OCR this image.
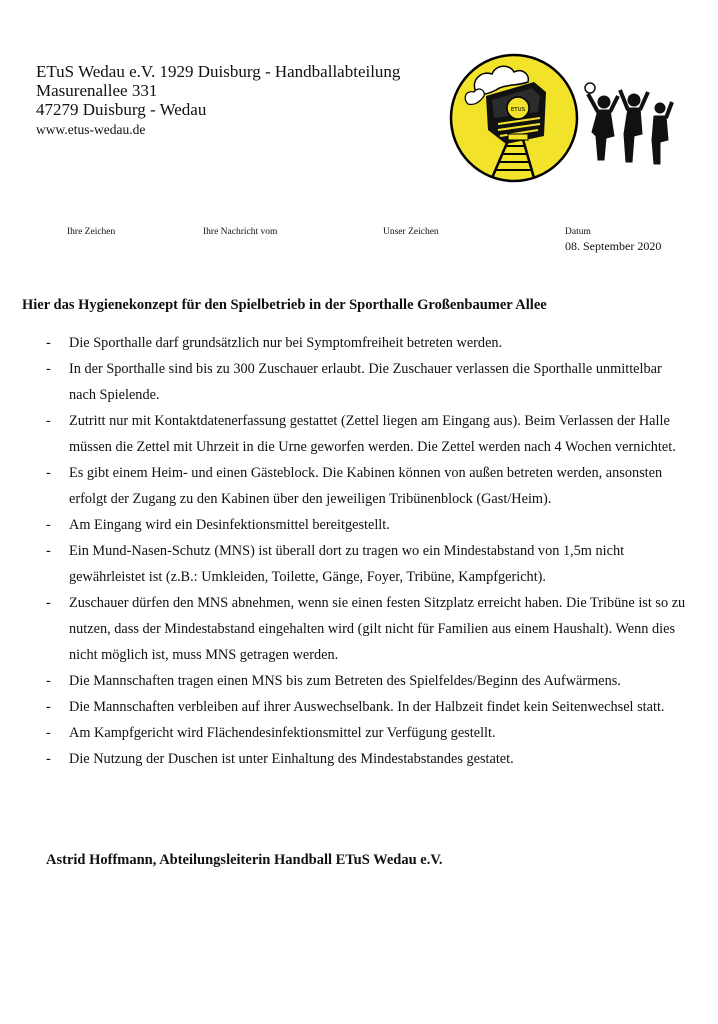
ETuS Wedau e.V. 1929 Duisburg - Handballabteilung
Masurenallee 331
47279 Duisburg - Wedau
www.etus-wedau.de
ETUS
Ihre Zeichen	Ihre Nachricht vom	Unser Zeichen	Datum
08. September 2020
Hier das Hygienekonzept für den Spielbetrieb in der Sporthalle Großenbaumer Allee
- Die Sporthalle darf grundsätzlich nur bei Symptomfreiheit betreten werden.
- In der Sporthalle sind bis zu 300 Zuschauer erlaubt. Die Zuschauer verlassen die Sporthalle unmittelbar nach Spielende.
- Zutritt nur mit Kontaktdatenerfassung gestattet (Zettel liegen am Eingang aus). Beim Verlassen der Halle müssen die Zettel mit Uhrzeit in die Urne geworfen werden. Die Zettel werden nach 4 Wochen vernichtet.
- Es gibt einem Heim- und einen Gästeblock. Die Kabinen können von außen betreten werden, ansonsten erfolgt der Zugang zu den Kabinen über den jeweiligen Tribünenblock (Gast/Heim).
- Am Eingang wird ein Desinfektionsmittel bereitgestellt.
- Ein Mund-Nasen-Schutz (MNS) ist überall dort zu tragen wo ein Mindestabstand von 1,5m nicht gewährleistet ist (z.B.: Umkleiden, Toilette, Gänge, Foyer, Tribüne, Kampfgericht).
- Zuschauer dürfen den MNS abnehmen, wenn sie einen festen Sitzplatz erreicht haben. Die Tribüne ist so zu nutzen, dass der Mindestabstand eingehalten wird (gilt nicht für Familien aus einem Haushalt). Wenn dies nicht möglich ist, muss MNS getragen werden.
- Die Mannschaften tragen einen MNS bis zum Betreten des Spielfeldes/Beginn des Aufwärmens.
- Die Mannschaften verbleiben auf ihrer Auswechselbank. In der Halbzeit findet kein Seitenwechsel statt.
- Am Kampfgericht wird Flächendesinfektionsmittel zur Verfügung gestellt.
- Die Nutzung der Duschen ist unter Einhaltung des Mindestabstandes gestatet.
Astrid Hoffmann, Abteilungsleiterin Handball ETuS Wedau e.V.
